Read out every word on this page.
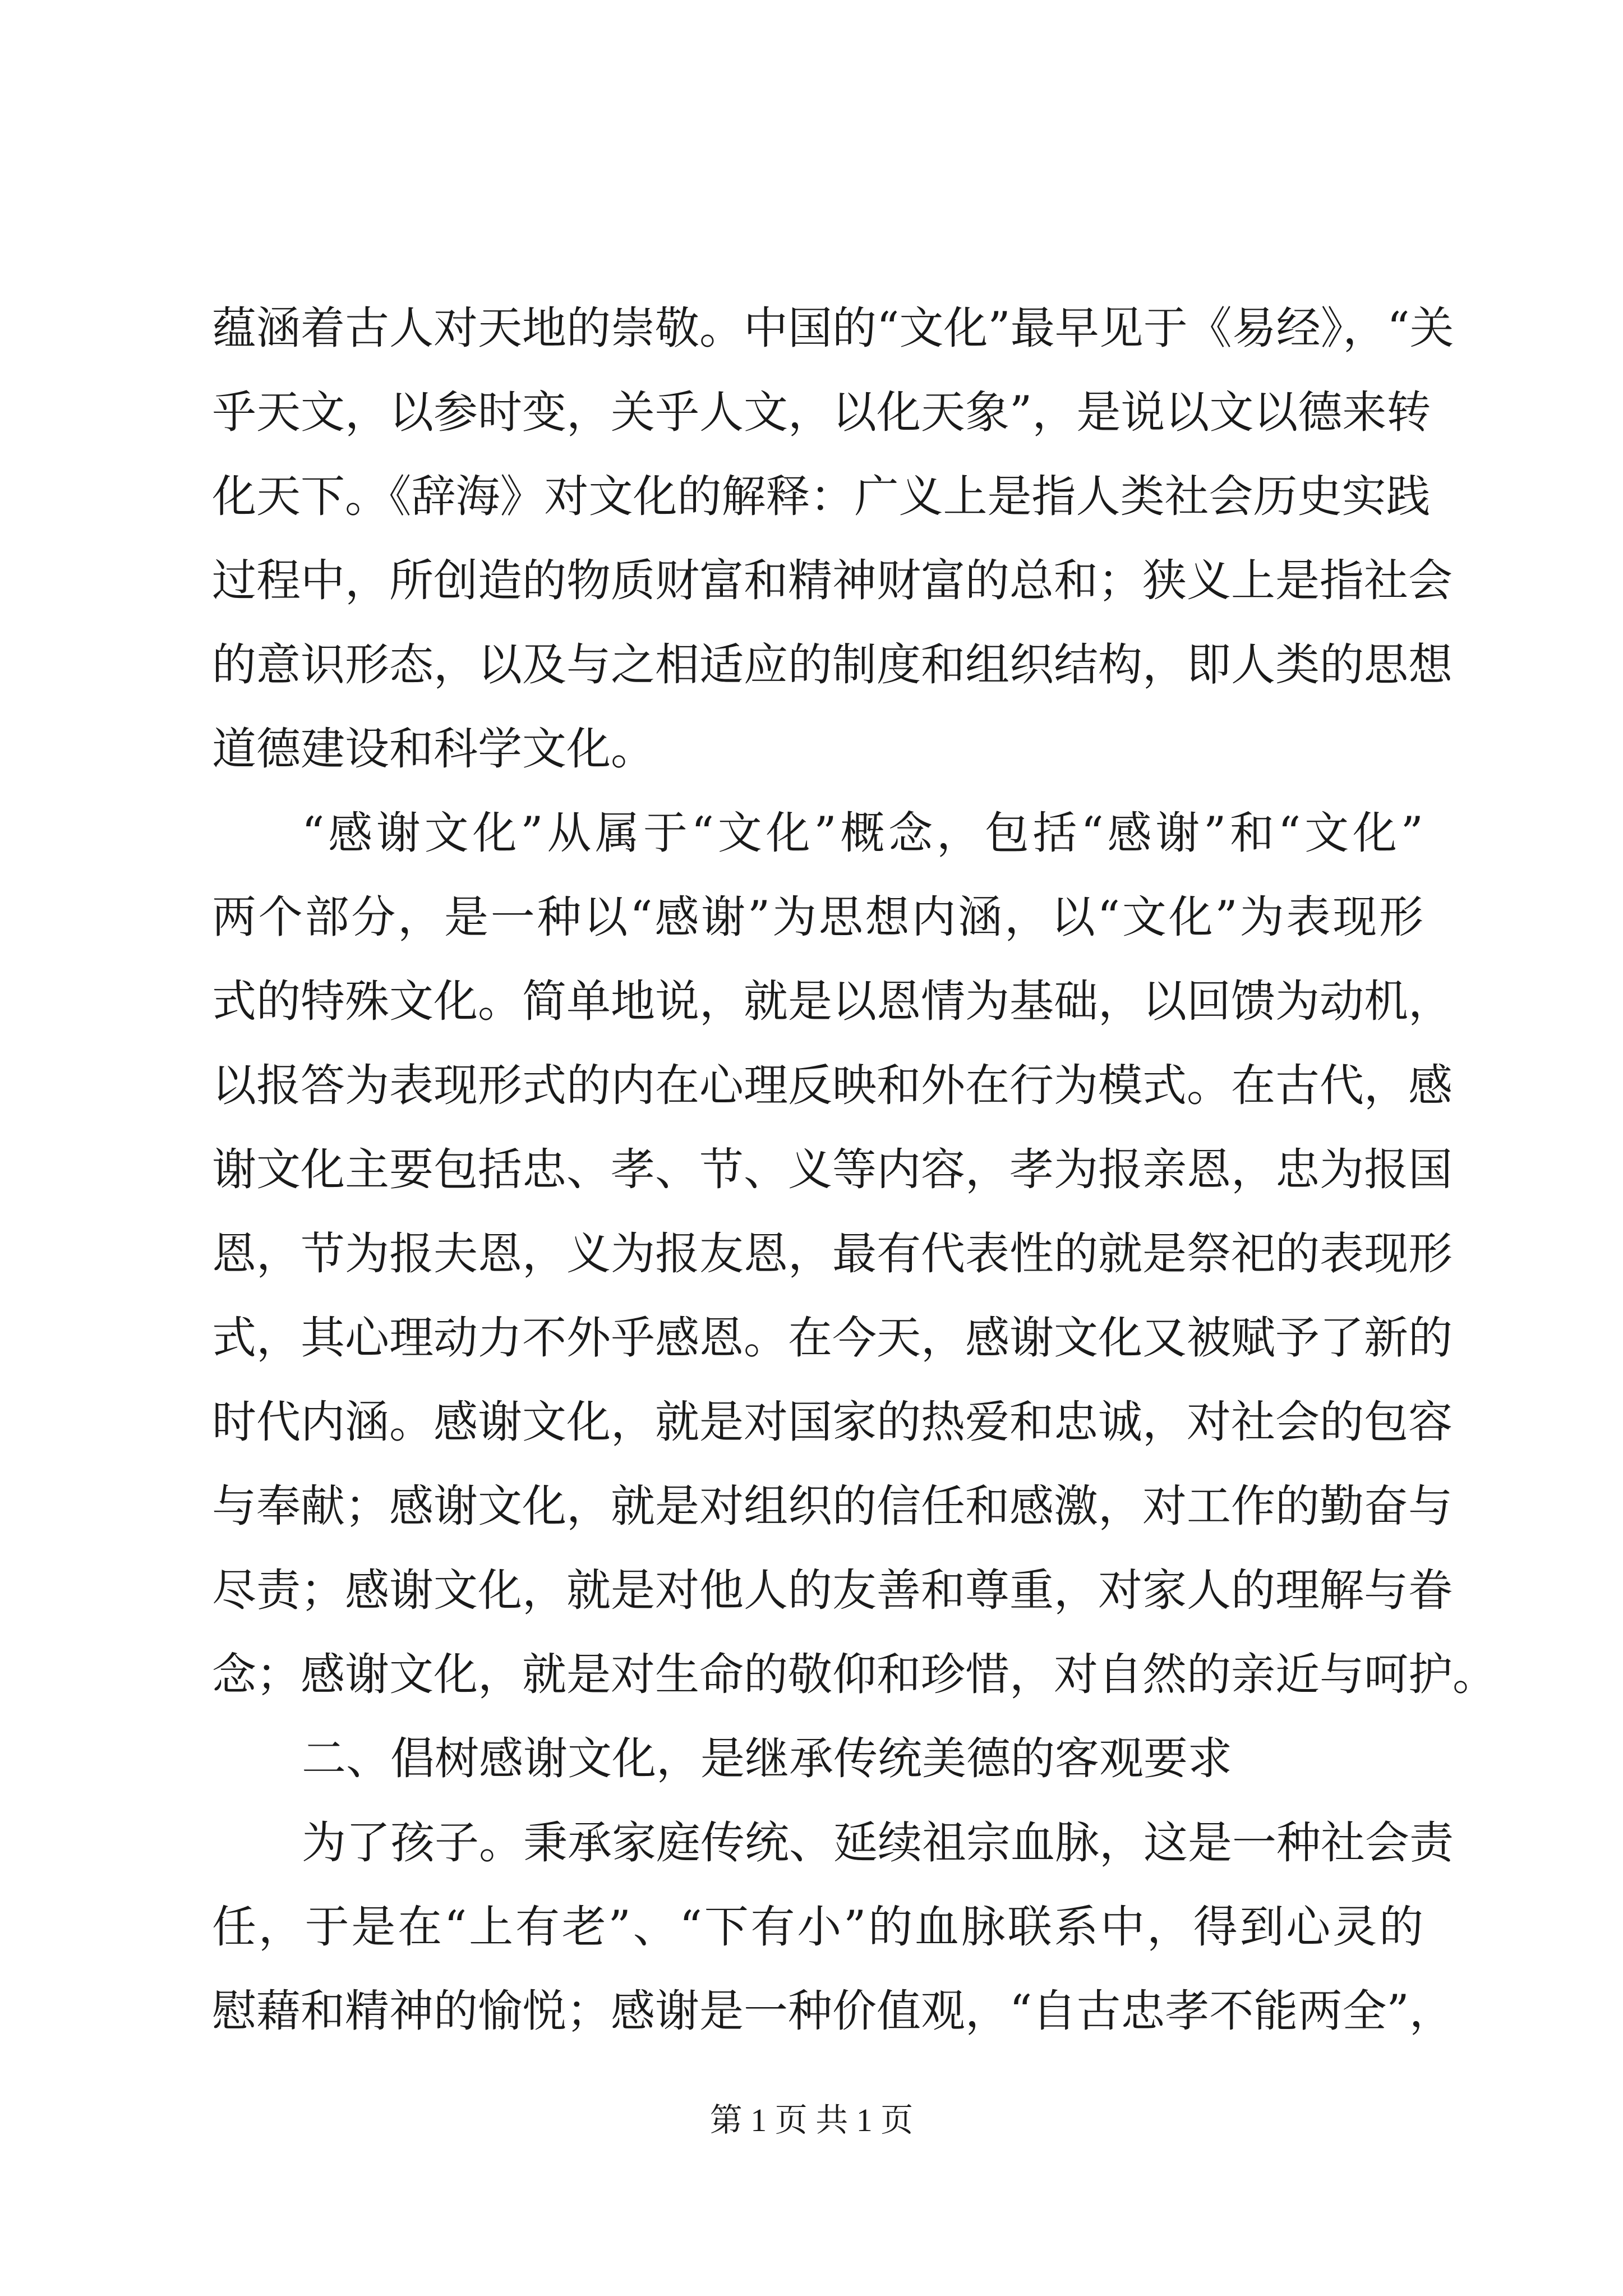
蕴涵着古人对天地的崇敬。中国的“文化”最早见于《易经》，“关
乎天文，以参时变，关乎人文，以化天象”，是说以文以德来转
化天下。《辞海》对文化的解释：广义上是指人类社会历史实践
过程中，所创造的物质财富和精神财富的总和；狭义上是指社会
的意识形态，以及与之相适应的制度和组织结构，即人类的思想
道德建设和科学文化。
“感谢文化”从属于“文化”概念，包括“感谢”和“文化”
两个部分，是一种以“感谢”为思想内涵，以“文化”为表现形
式的特殊文化。简单地说，就是以恩情为基础，以回馈为动机，
以报答为表现形式的内在心理反映和外在行为模式。在古代，感
谢文化主要包括忠、孝、节、义等内容，孝为报亲恩，忠为报国
恩，节为报夫恩，义为报友恩，最有代表性的就是祭祀的表现形
式，其心理动力不外乎感恩。在今天，感谢文化又被赋予了新的
时代内涵。感谢文化，就是对国家的热爱和忠诚，对社会的包容
与奉献；感谢文化，就是对组织的信任和感激，对工作的勤奋与
尽责；感谢文化，就是对他人的友善和尊重，对家人的理解与眷
念；感谢文化，就是对生命的敬仰和珍惜，对自然的亲近与呵护。
二、倡树感谢文化，是继承传统美德的客观要求
为了孩子。秉承家庭传统、延续祖宗血脉，这是一种社会责
任，于是在“上有老”、“下有小”的血脉联系中，得到心灵的
慰藉和精神的愉悦；感谢是一种价值观，“自古忠孝不能两全”，
第 1 页 共 1 页
